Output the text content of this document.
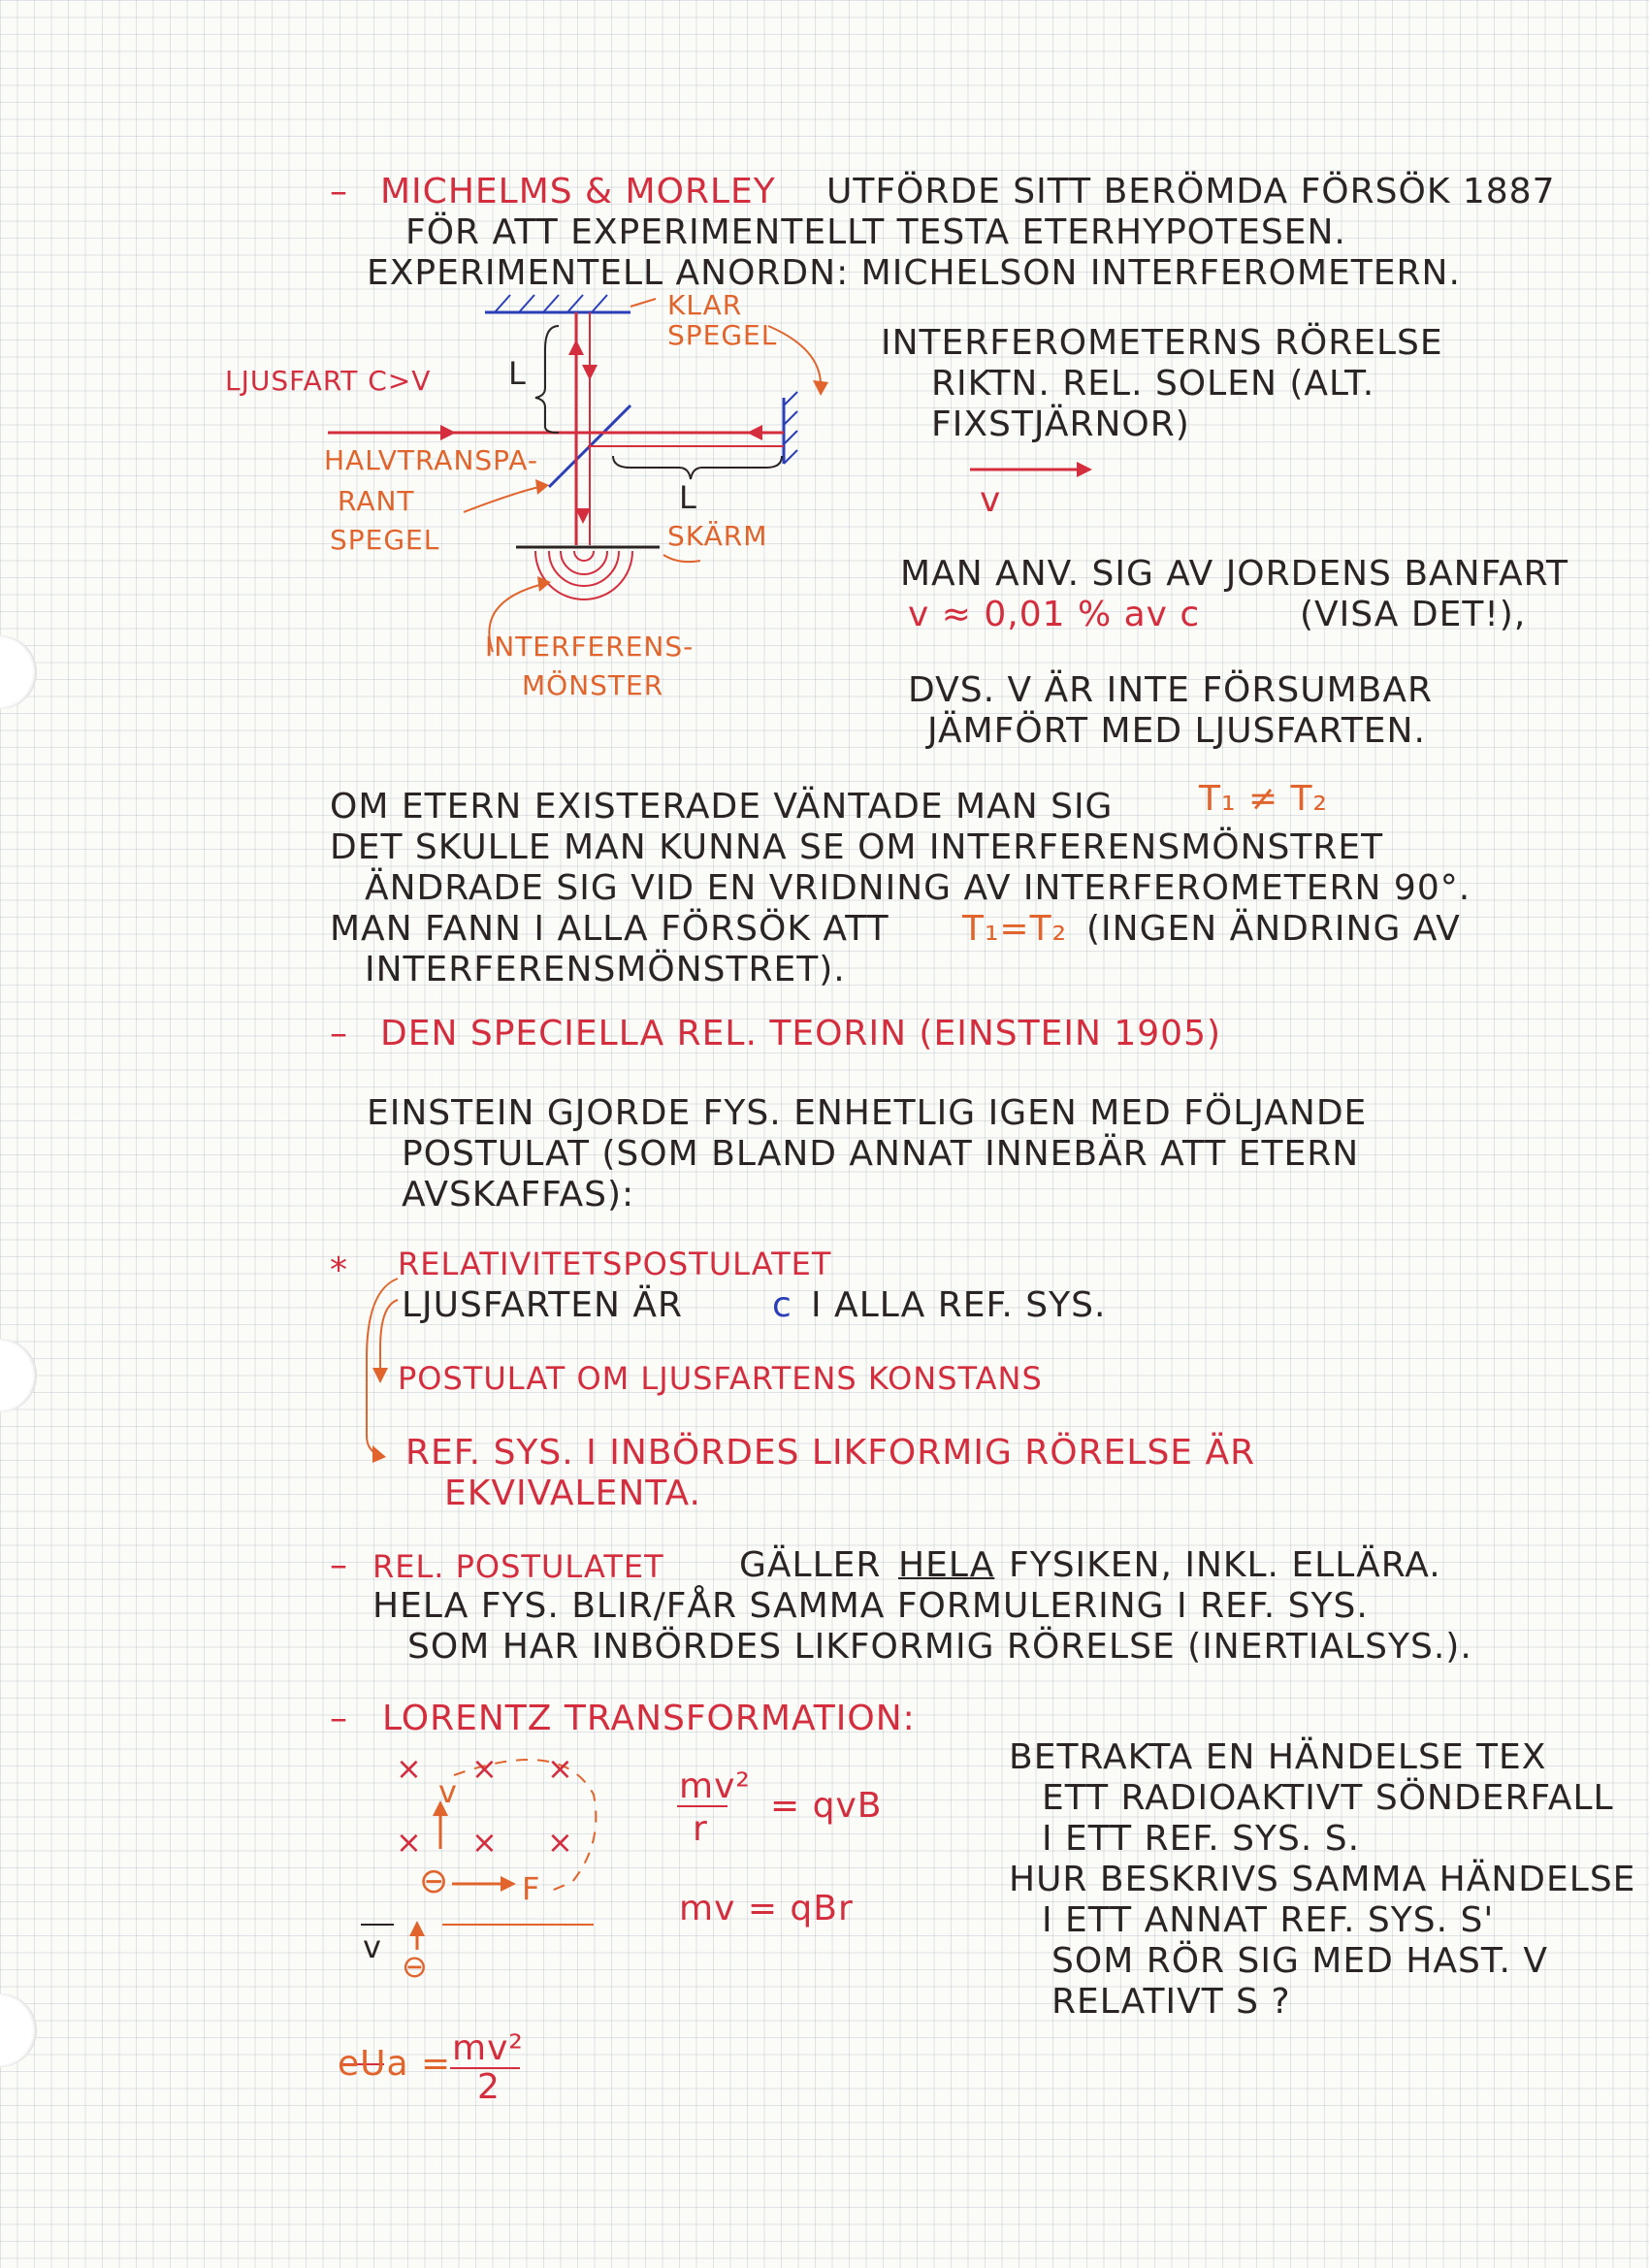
– MICHELMS & MORLEY UTFÖRDE SITT BERÖMDA FÖRSÖK 1887
FÖR ATT EXPERIMENTELLT TESTA ETERHYPOTESEN.
EXPERIMENTELL ANORDN: MICHELSON INTERFEROMETERN.
KLAR SPEGEL
LJUSFART C>V L
L
HALVTRANSPA-
RANT
SPEGEL	SKÄRM
INTERFERENS-
MÖNSTER
INTERFEROMETERNS RÖRELSE
RIKTN. REL. SOLEN (ALT.
FIXSTJÄRNOR)
v
MAN ANV. SIG AV JORDENS BANFART
v ≈ 0,01 % av c	(VISA DET!),
DVS. V ÄR INTE FÖRSUMBAR
JÄMFÖRT MED LJUSFARTEN.
OM ETERN EXISTERADE VÄNTADE MAN SIG T₁ ≠ T₂
DET SKULLE MAN KUNNA SE OM INTERFERENSMÖNSTRET
ÄNDRADE SIG VID EN VRIDNING AV INTERFEROMETERN 90°.
MAN FANN I ALLA FÖRSÖK ATT T₁=T₂ (INGEN ÄNDRING AV
INTERFERENSMÖNSTRET).
– DEN SPECIELLA REL. TEORIN (EINSTEIN 1905)
EINSTEIN GJORDE FYS. ENHETLIG IGEN MED FÖLJANDE
POSTULAT (SOM BLAND ANNAT INNEBÄR ATT ETERN
AVSKAFFAS):
* RELATIVITETSPOSTULATET
LJUSFARTEN ÄR	c I ALLA REF. SYS.
POSTULAT OM LJUSFARTENS KONSTANS
REF. SYS. I INBÖRDES LIKFORMIG RÖRELSE ÄR
EKVIVALENTA.
– REL. POSTULATET GÄLLER HELA FYSIKEN, INKL. ELLÄRA.
HELA FYS. BLIR/FÅR SAMMA FORMULERING I REF. SYS.
SOM HAR INBÖRDES LIKFORMIG RÖRELSE (INERTIALSYS.).
– LORENTZ TRANSFORMATION:
× × ×
× × ×
v
⊖ F
v
⊖
mv²
r
= qvB
mv = qBr
eUa = mv²
2
BETRAKTA EN HÄNDELSE TEX
ETT RADIOAKTIVT SÖNDERFALL
I ETT REF. SYS. S.
HUR BESKRIVS SAMMA HÄNDELSE
I ETT ANNAT REF. SYS. S'
SOM RÖR SIG MED HAST. V
RELATIVT S ?
